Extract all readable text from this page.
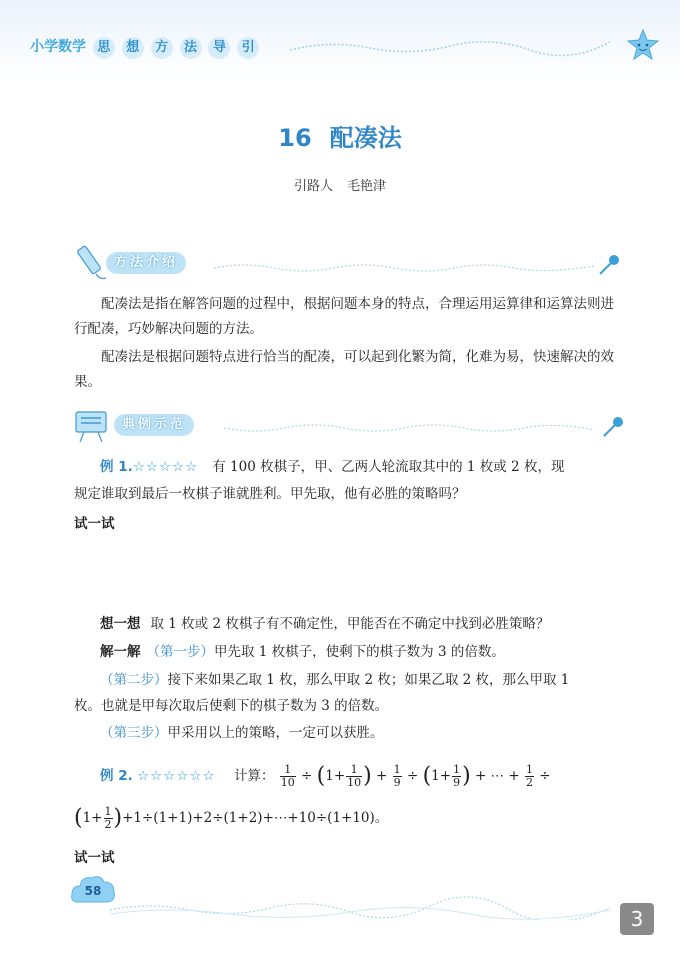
小学数学 思 想 方 法 导 引
16 配凑法
引路人 毛艳津
方法介绍
配凑法是指在解答问题的过程中，根据问题本身的特点，合理运用运算律和运算法则进行配凑，巧妙解决问题的方法。
配凑法是根据问题特点进行恰当的配凑，可以起到化繁为简，化难为易，快速解决的效果。
典例示范
例 1.☆☆☆☆☆ 有 100 枚棋子，甲、乙两人轮流取其中的 1 枚或 2 枚，现
规定谁取到最后一枚棋子谁就胜利。甲先取，他有必胜的策略吗？
试一试
想一想 取 1 枚或 2 枚棋子有不确定性，甲能否在不确定中找到必胜策略？
解一解 （第一步）甲先取 1 枚棋子，使剩下的棋子数为 3 的倍数。
（第二步）接下来如果乙取 1 枚，那么甲取 2 枚；如果乙取 2 枚，那么甲取 1
枚。也就是甲每次取后使剩下的棋子数为 3 的倍数。
（第三步）甲采用以上的策略，一定可以获胜。
例 2. ☆☆☆☆☆☆ 计算： $\frac{1}{10} \div (1+ \frac{1}{10}$ ) + $\frac{1}{9} \div (1+ \frac{1}{9}$ ) + ⋯ + $\frac{1}{2}$ ÷
($1+ \frac{1}{2}$ )+1÷(1+1)+2÷(1+2)+⋯+10÷(1+10)。
试一试
58
3
